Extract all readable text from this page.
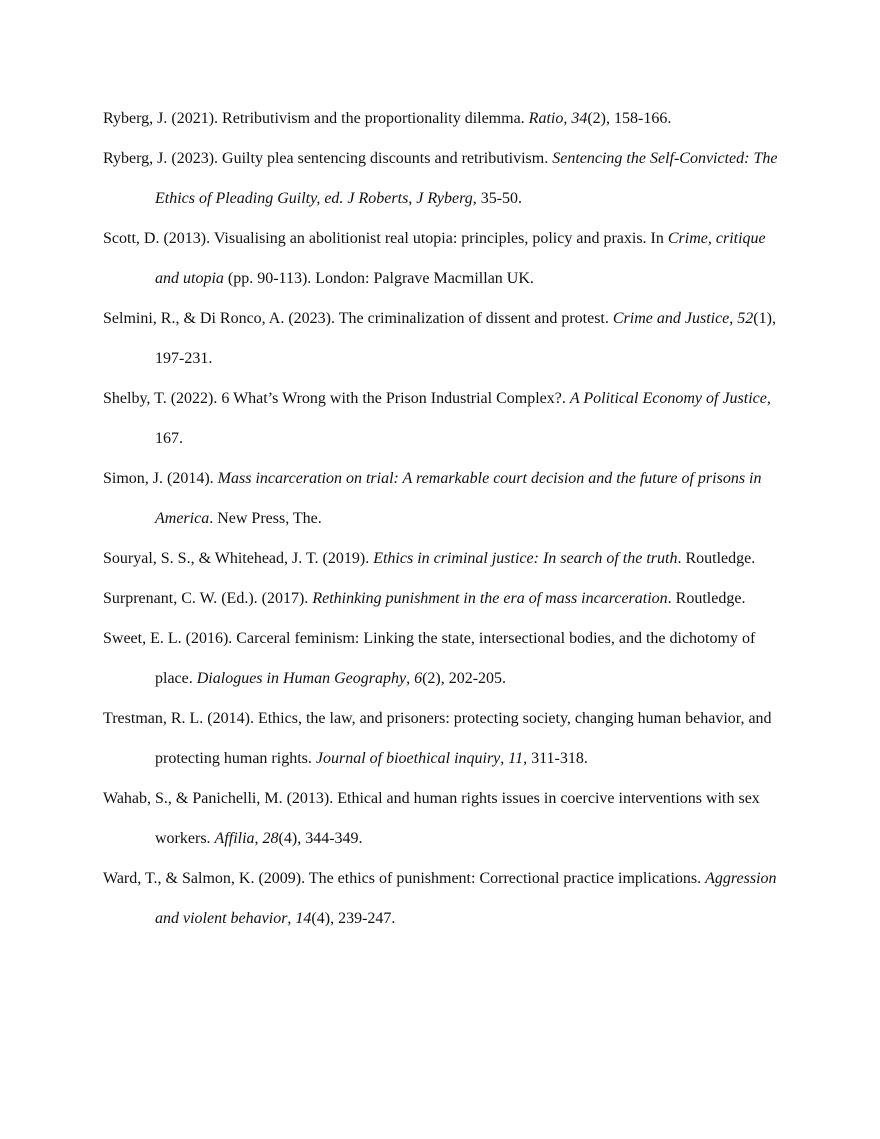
Ryberg, J. (2021). Retributivism and the proportionality dilemma. Ratio, 34(2), 158-166.

Ryberg, J. (2023). Guilty plea sentencing discounts and retributivism. Sentencing the Self-Convicted: The Ethics of Pleading Guilty, ed. J Roberts, J Ryberg, 35-50.

Scott, D. (2013). Visualising an abolitionist real utopia: principles, policy and praxis. In Crime, critique and utopia (pp. 90-113). London: Palgrave Macmillan UK.

Selmini, R., & Di Ronco, A. (2023). The criminalization of dissent and protest. Crime and Justice, 52(1), 197-231.

Shelby, T. (2022). 6 What’s Wrong with the Prison Industrial Complex?. A Political Economy of Justice, 167.

Simon, J. (2014). Mass incarceration on trial: A remarkable court decision and the future of prisons in America. New Press, The.

Souryal, S. S., & Whitehead, J. T. (2019). Ethics in criminal justice: In search of the truth. Routledge.

Surprenant, C. W. (Ed.). (2017). Rethinking punishment in the era of mass incarceration. Routledge.

Sweet, E. L. (2016). Carceral feminism: Linking the state, intersectional bodies, and the dichotomy of place. Dialogues in Human Geography, 6(2), 202-205.

Trestman, R. L. (2014). Ethics, the law, and prisoners: protecting society, changing human behavior, and protecting human rights. Journal of bioethical inquiry, 11, 311-318.

Wahab, S., & Panichelli, M. (2013). Ethical and human rights issues in coercive interventions with sex workers. Affilia, 28(4), 344-349.

Ward, T., & Salmon, K. (2009). The ethics of punishment: Correctional practice implications. Aggression and violent behavior, 14(4), 239-247.
